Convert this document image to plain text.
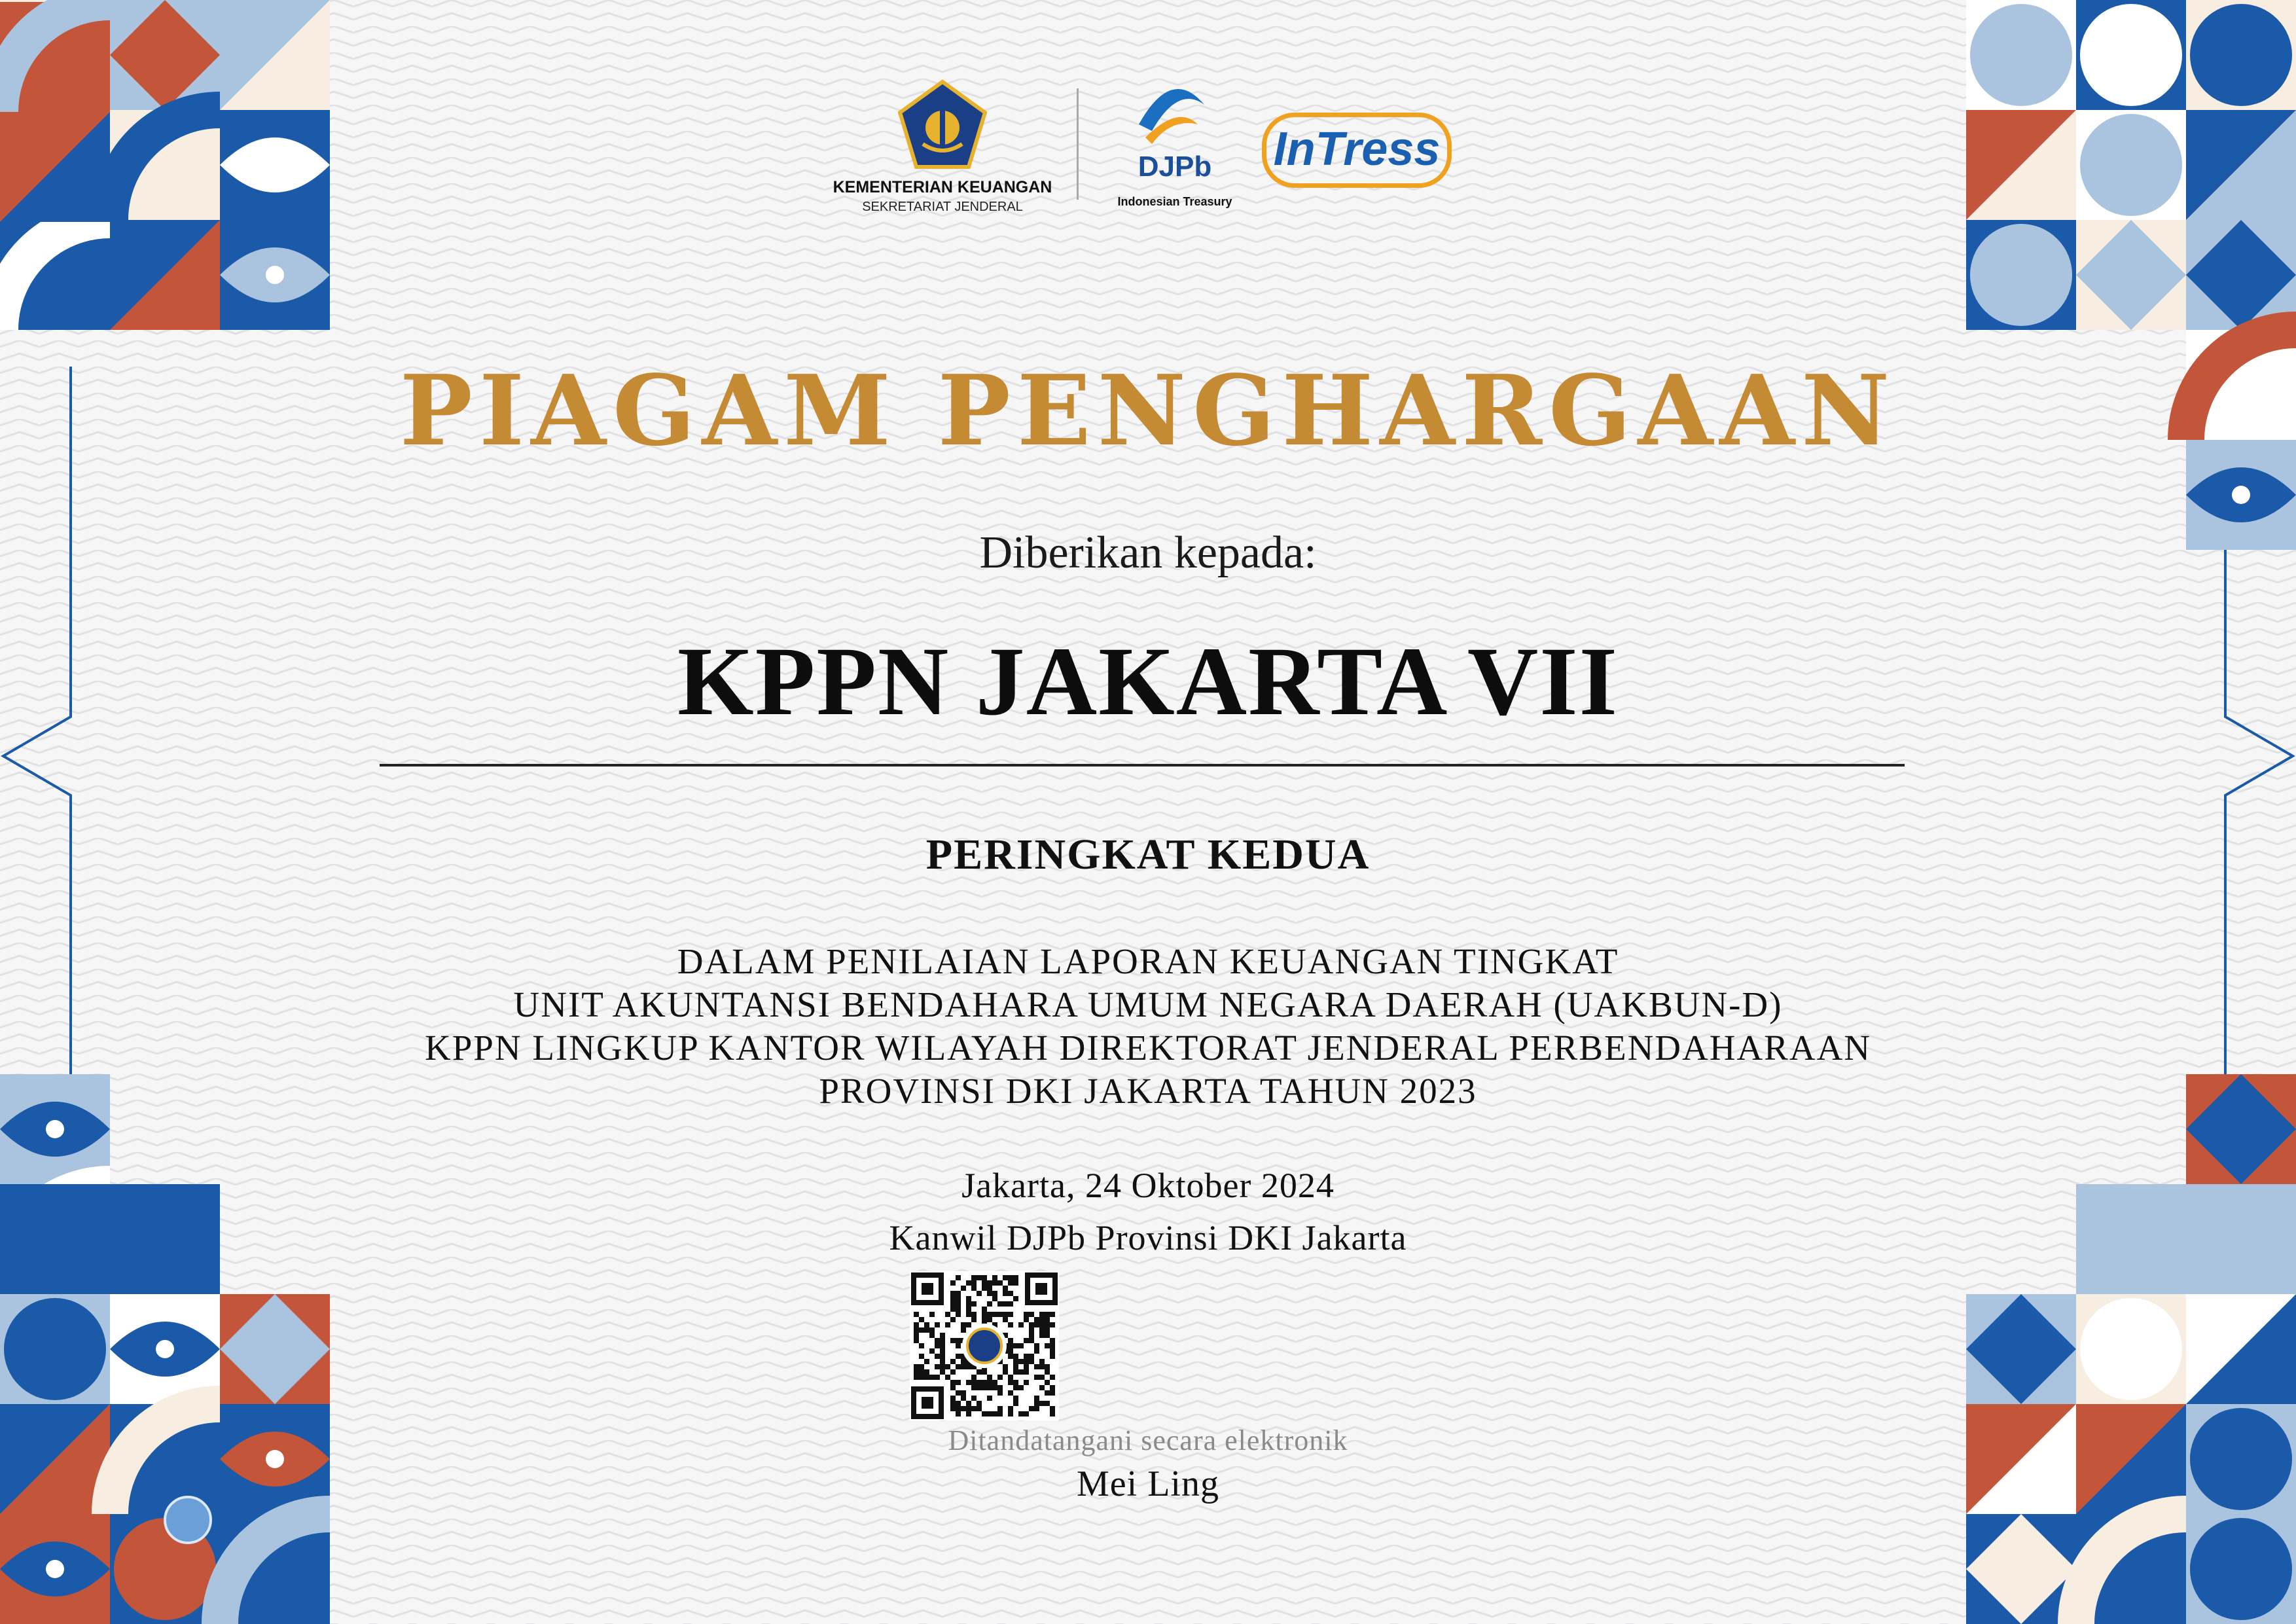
KEMENTERIAN KEUANGAN
SEKRETARIAT JENDERAL
DJPb
Indonesian Treasury
InTress
PIAGAM PENGHARGAAN
Diberikan kepada:
KPPN JAKARTA VII
PERINGKAT KEDUA
DALAM PENILAIAN LAPORAN KEUANGAN TINGKAT
UNIT AKUNTANSI BENDAHARA UMUM NEGARA DAERAH (UAKBUN-D)
KPPN LINGKUP KANTOR WILAYAH DIREKTORAT JENDERAL PERBENDAHARAAN
PROVINSI DKI JAKARTA TAHUN 2023
Jakarta, 24 Oktober 2024
Kanwil DJPb Provinsi DKI Jakarta
Ditandatangani secara elektronik
Mei Ling
